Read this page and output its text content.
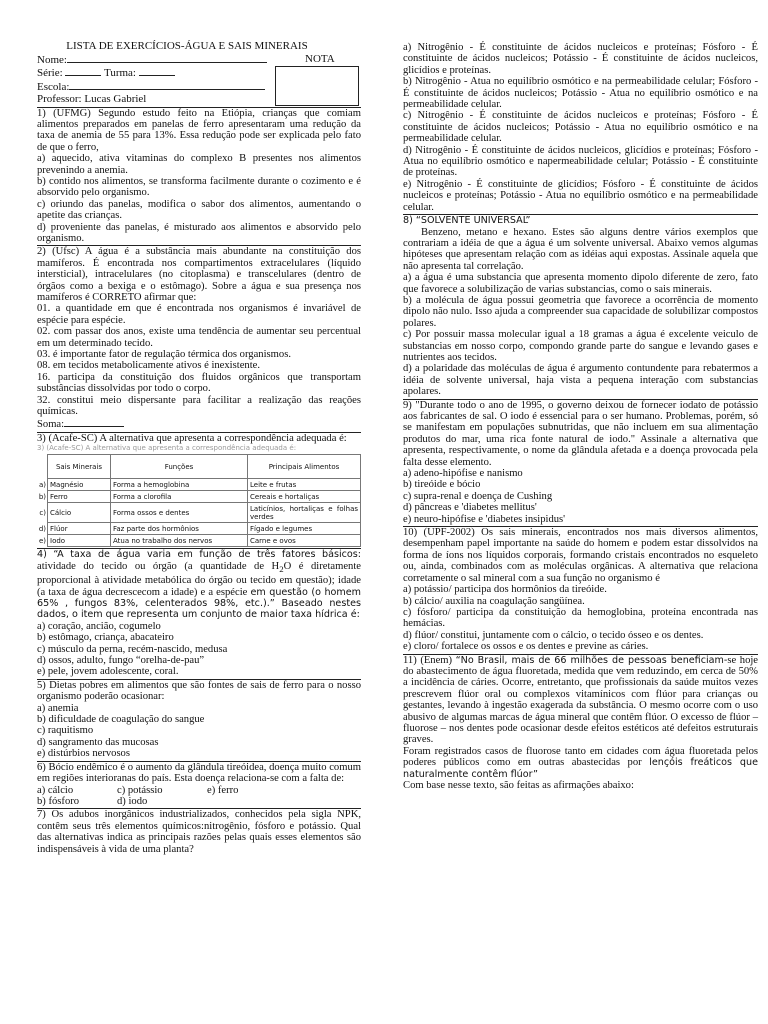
LISTA DE EXERCÍCIOS-ÁGUA E SAIS MINERAIS
Nome:
Série:	Turma:
Escola:
Professor: Lucas Gabriel
NOTA

1) (UFMG) Segundo estudo feito na Etiópia, crianças que comiam alimentos preparados em panelas de ferro apresentaram uma redução da taxa de anemia de 55 para 13%. Essa redução pode ser explicada pelo fato de que o ferro,

a) aquecido, ativa vitaminas do complexo B presentes nos alimentos prevenindo a anemia.

b) contido nos alimentos, se transforma facilmente durante o cozimento e é absorvido pelo organismo.

c) oriundo das panelas, modifica o sabor dos alimentos, aumentando o apetite das crianças.

d) proveniente das panelas, é misturado aos alimentos e absorvido pelo organismo.

2) (Ufsc) A água é a substância mais abundante na constituição dos mamíferos. É encontrada nos compartimentos extracelulares (líquido intersticial), intracelulares (no citoplasma) e transcelulares (dentro de órgãos como a bexiga e o estômago). Sobre a água e sua presença nos mamíferos é CORRETO afirmar que:

01. a quantidade em que é encontrada nos organismos é invariável de espécie para espécie.

02. com passar dos anos, existe uma tendência de aumentar seu percentual em um determinado tecido.

03. é importante fator de regulação térmica dos organismos.

08. em tecidos metabolicamente ativos é inexistente.

16. participa da constituição dos fluidos orgânicos que transportam substâncias dissolvidas por todo o corpo.

32. constitui meio dispersante para facilitar a realização das reações químicas.

Soma:

3) (Acafe-SC) A alternativa que apresenta a correspondência adequada é:

3) (Acafe-SC) A alternativa que apresenta a correspondência adequada é:
	Sais Minerais	Funções	Principais Alimentos
a)	Magnésio	Forma a hemoglobina	Leite e frutas
b)	Ferro	Forma a clorofila	Cereais e hortaliças
c)	Cálcio	Forma ossos e dentes	Laticínios, hortaliças e folhas verdes
d)	Flúor	Faz parte dos hormônios	Fígado e legumes
e)	Iodo	Atua no trabalho dos nervos	Carne e ovos

4) “A taxa de água varia em função de três fatores básicos: atividade do tecido ou órgão (a quantidade de $H_2O$ é diretamente proporcional à atividade metabólica do órgão ou tecido em questão); idade (a taxa de água decrescecom a idade) e a espécie em questão (o homem 65% , fungos 83%, celenterados 98%, etc.).” Baseado nestes dados, o item que representa um conjunto de maior taxa hídrica é:

a) coração, ancião, cogumelo

b) estômago, criança, abacateiro

c) músculo da perna, recém-nascido, medusa

d) ossos, adulto, fungo “orelha-de-pau”

e) pele, jovem adolescente, coral.

5) Dietas pobres em alimentos que são fontes de sais de ferro para o nosso organismo poderão ocasionar:

a) anemia

b) dificuldade de coagulação do sangue

c) raquitismo

d) sangramento das mucosas

e) distúrbios nervosos

6) Bócio endêmico é o aumento da glândula tireóidea, doença muito comum em regiões interioranas do país. Esta doença relaciona-se com a falta de:

a) cálcio	c) potássio	e) ferro

b) fósforo	d) iodo

7) Os adubos inorgânicos industrializados, conhecidos pela sigla NPK, contêm seus três elementos químicos:nitrogênio, fósforo e potássio. Qual das alternativas indica as principais razões pelas quais esses elementos são indispensáveis à vida de uma planta?

a) Nitrogênio - É constituinte de ácidos nucleicos e proteínas; Fósforo - É constituinte de ácidos nucleicos; Potássio - É constituinte de ácidos nucleicos, glicídios e proteínas.

b) Nitrogênio - Atua no equilíbrio osmótico e na permeabilidade celular; Fósforo - É constituinte de ácidos nucleicos; Potássio - Atua no equilíbrio osmótico e na permeabilidade celular.

c) Nitrogênio - É constituinte de ácidos nucleicos e proteínas; Fósforo - É constituinte de ácidos nucleicos; Potássio - Atua no equilíbrio osmótico e na permeabilidade celular.

d) Nitrogênio - É constituinte de ácidos nucleicos, glicídios e proteínas; Fósforo - Atua no equilíbrio osmótico e napermeabilidade celular; Potássio - É constituinte de proteínas.

e) Nitrogênio - É constituinte de glicídios; Fósforo - É constituinte de ácidos nucleicos e proteínas; Potássio - Atua no equilíbrio osmótico e na permeabilidade celular.

8) “SOLVENTE UNIVERSAL”

Benzeno, metano e hexano. Estes são alguns dentre vários exemplos que contrariam a idéia de que a água é um solvente universal. Abaixo vemos algumas hipóteses que apresentam relação com as idéias aqui expostas. Assinale aquela que não apresenta tal correlação.

a) a água é uma substancia que apresenta momento dipolo diferente de zero, fato que favorece a solubilização de varias substancias, como o sais minerais.

b) a molécula de água possui geometria que favorece a ocorrência de momento dipolo não nulo. Isso ajuda a compreender sua capacidade de solubilizar compostos polares.

c) Por possuir massa molecular igual a 18 gramas a água é excelente veiculo de substancias em nosso corpo, compondo grande parte do sangue e levando gases e nutrientes aos tecidos.

d) a polaridade das moléculas de água é argumento contundente para rebatermos a idéia de solvente universal, haja vista a pequena interação com substancias apolares.

9) "Durante todo o ano de 1995, o governo deixou de fornecer iodato de potássio aos fabricantes de sal. O iodo é essencial para o ser humano. Problemas, porém, só se manifestam em populações subnutridas, que não incluem em sua alimentação produtos do mar, uma rica fonte natural de iodo." Assinale a alternativa que apresenta, respectivamente, o nome da glândula afetada e a doença provocada pela falta desse elemento.

a) adeno-hipófise e nanismo

b) tireóide e bócio

c) supra-renal e doença de Cushing

d) pâncreas e 'diabetes mellitus'

e) neuro-hipófise e 'diabetes insipidus'

10) (UPF-2002) Os sais minerais, encontrados nos mais diversos alimentos, desempenham papel importante na saúde do homem e podem estar dissolvidos na forma de íons nos líquidos corporais, formando cristais encontrados no esqueleto ou, ainda, combinados com as moléculas orgânicas. A alternativa que relaciona corretamente o sal mineral com a sua função no organismo é

a) potássio/ participa dos hormônios da tireóide.

b) cálcio/ auxilia na coagulação sangüínea.

c) fósforo/ participa da constituição da hemoglobina, proteína encontrada nas hemácias.

d) flúor/ constitui, juntamente com o cálcio, o tecido ósseo e os dentes.

e) cloro/ fortalece os ossos e os dentes e previne as cáries.

11) (Enem) “No Brasil, mais de 66 milhões de pessoas beneficiam-se hoje do abastecimento de água fluoretada, medida que vem reduzindo, em cerca de 50% a incidência de cáries. Ocorre, entretanto, que profissionais da saúde muitos vezes prescrevem flúor oral ou complexos vitamínicos com flúor para crianças ou gestantes, levando à ingestão exagerada da substância. O mesmo ocorre com o uso abusivo de algumas marcas de água mineral que contêm flúor. O excesso de flúor – fluorose – nos dentes pode ocasionar desde efeitos estéticos até defeitos estruturais graves.

Foram registrados casos de fluorose tanto em cidades com água fluoretada pelos poderes públicos como em outras abastecidas por lençóis freáticos que naturalmente contêm flúor”

Com base nesse texto, são feitas as afirmações abaixo:
